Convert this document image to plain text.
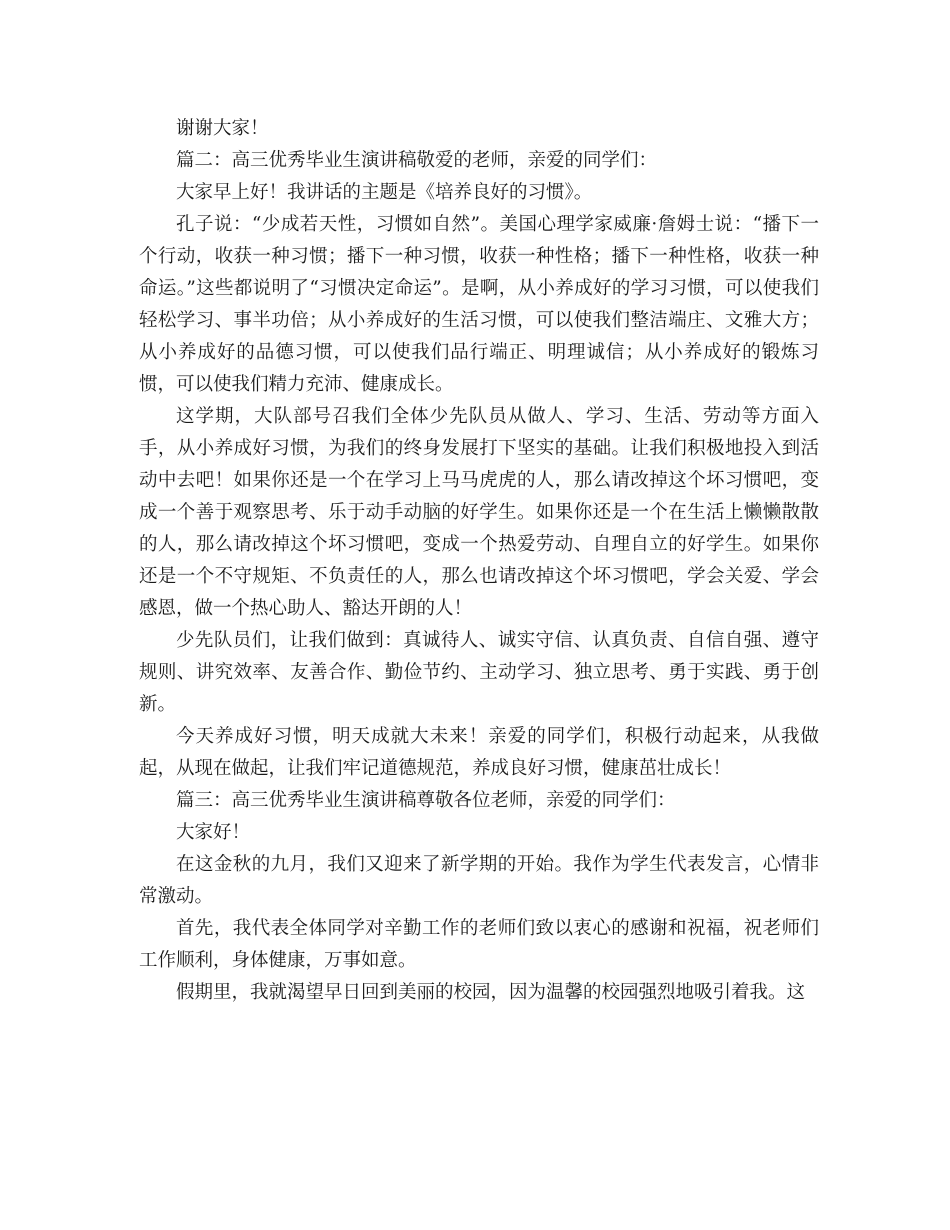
谢谢大家！

篇二：高三优秀毕业生演讲稿敬爱的老师，亲爱的同学们：

大家早上好！我讲话的主题是《培养良好的习惯》。

孔子说：“少成若天性，习惯如自然”。美国心理学家威廉·詹姆士说：“播下一个行动，收获一种习惯；播下一种习惯，收获一种性格；播下一种性格，收获一种命运。”这些都说明了“习惯决定命运”。是啊，从小养成好的学习习惯，可以使我们轻松学习、事半功倍；从小养成好的生活习惯，可以使我们整洁端庄、文雅大方；从小养成好的品德习惯，可以使我们品行端正、明理诚信；从小养成好的锻炼习惯，可以使我们精力充沛、健康成长。

这学期，大队部号召我们全体少先队员从做人、学习、生活、劳动等方面入手，从小养成好习惯，为我们的终身发展打下坚实的基础。让我们积极地投入到活动中去吧！如果你还是一个在学习上马马虎虎的人，那么请改掉这个坏习惯吧，变成一个善于观察思考、乐于动手动脑的好学生。如果你还是一个在生活上懒懒散散的人，那么请改掉这个坏习惯吧，变成一个热爱劳动、自理自立的好学生。如果你还是一个不守规矩、不负责任的人，那么也请改掉这个坏习惯吧，学会关爱、学会感恩，做一个热心助人、豁达开朗的人！

少先队员们，让我们做到：真诚待人、诚实守信、认真负责、自信自强、遵守规则、讲究效率、友善合作、勤俭节约、主动学习、独立思考、勇于实践、勇于创新。

今天养成好习惯，明天成就大未来！亲爱的同学们，积极行动起来，从我做起，从现在做起，让我们牢记道德规范，养成良好习惯，健康茁壮成长！

篇三：高三优秀毕业生演讲稿尊敬各位老师，亲爱的同学们：

大家好！

在这金秋的九月，我们又迎来了新学期的开始。我作为学生代表发言，心情非常激动。

首先，我代表全体同学对辛勤工作的老师们致以衷心的感谢和祝福，祝老师们工作顺利，身体健康，万事如意。

假期里，我就渴望早日回到美丽的校园，因为温馨的校园强烈地吸引着我。这
